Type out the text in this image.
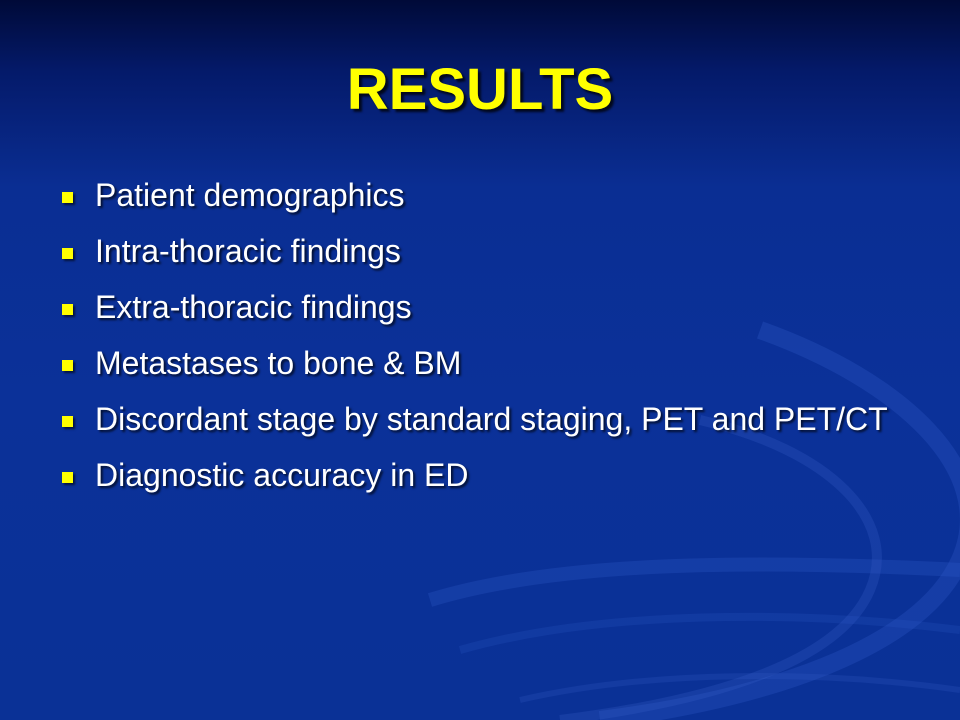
RESULTS
Patient demographics
Intra-thoracic findings
Extra-thoracic findings
Metastases to bone & BM
Discordant stage by standard staging, PET and PET/CT
Diagnostic accuracy in ED
